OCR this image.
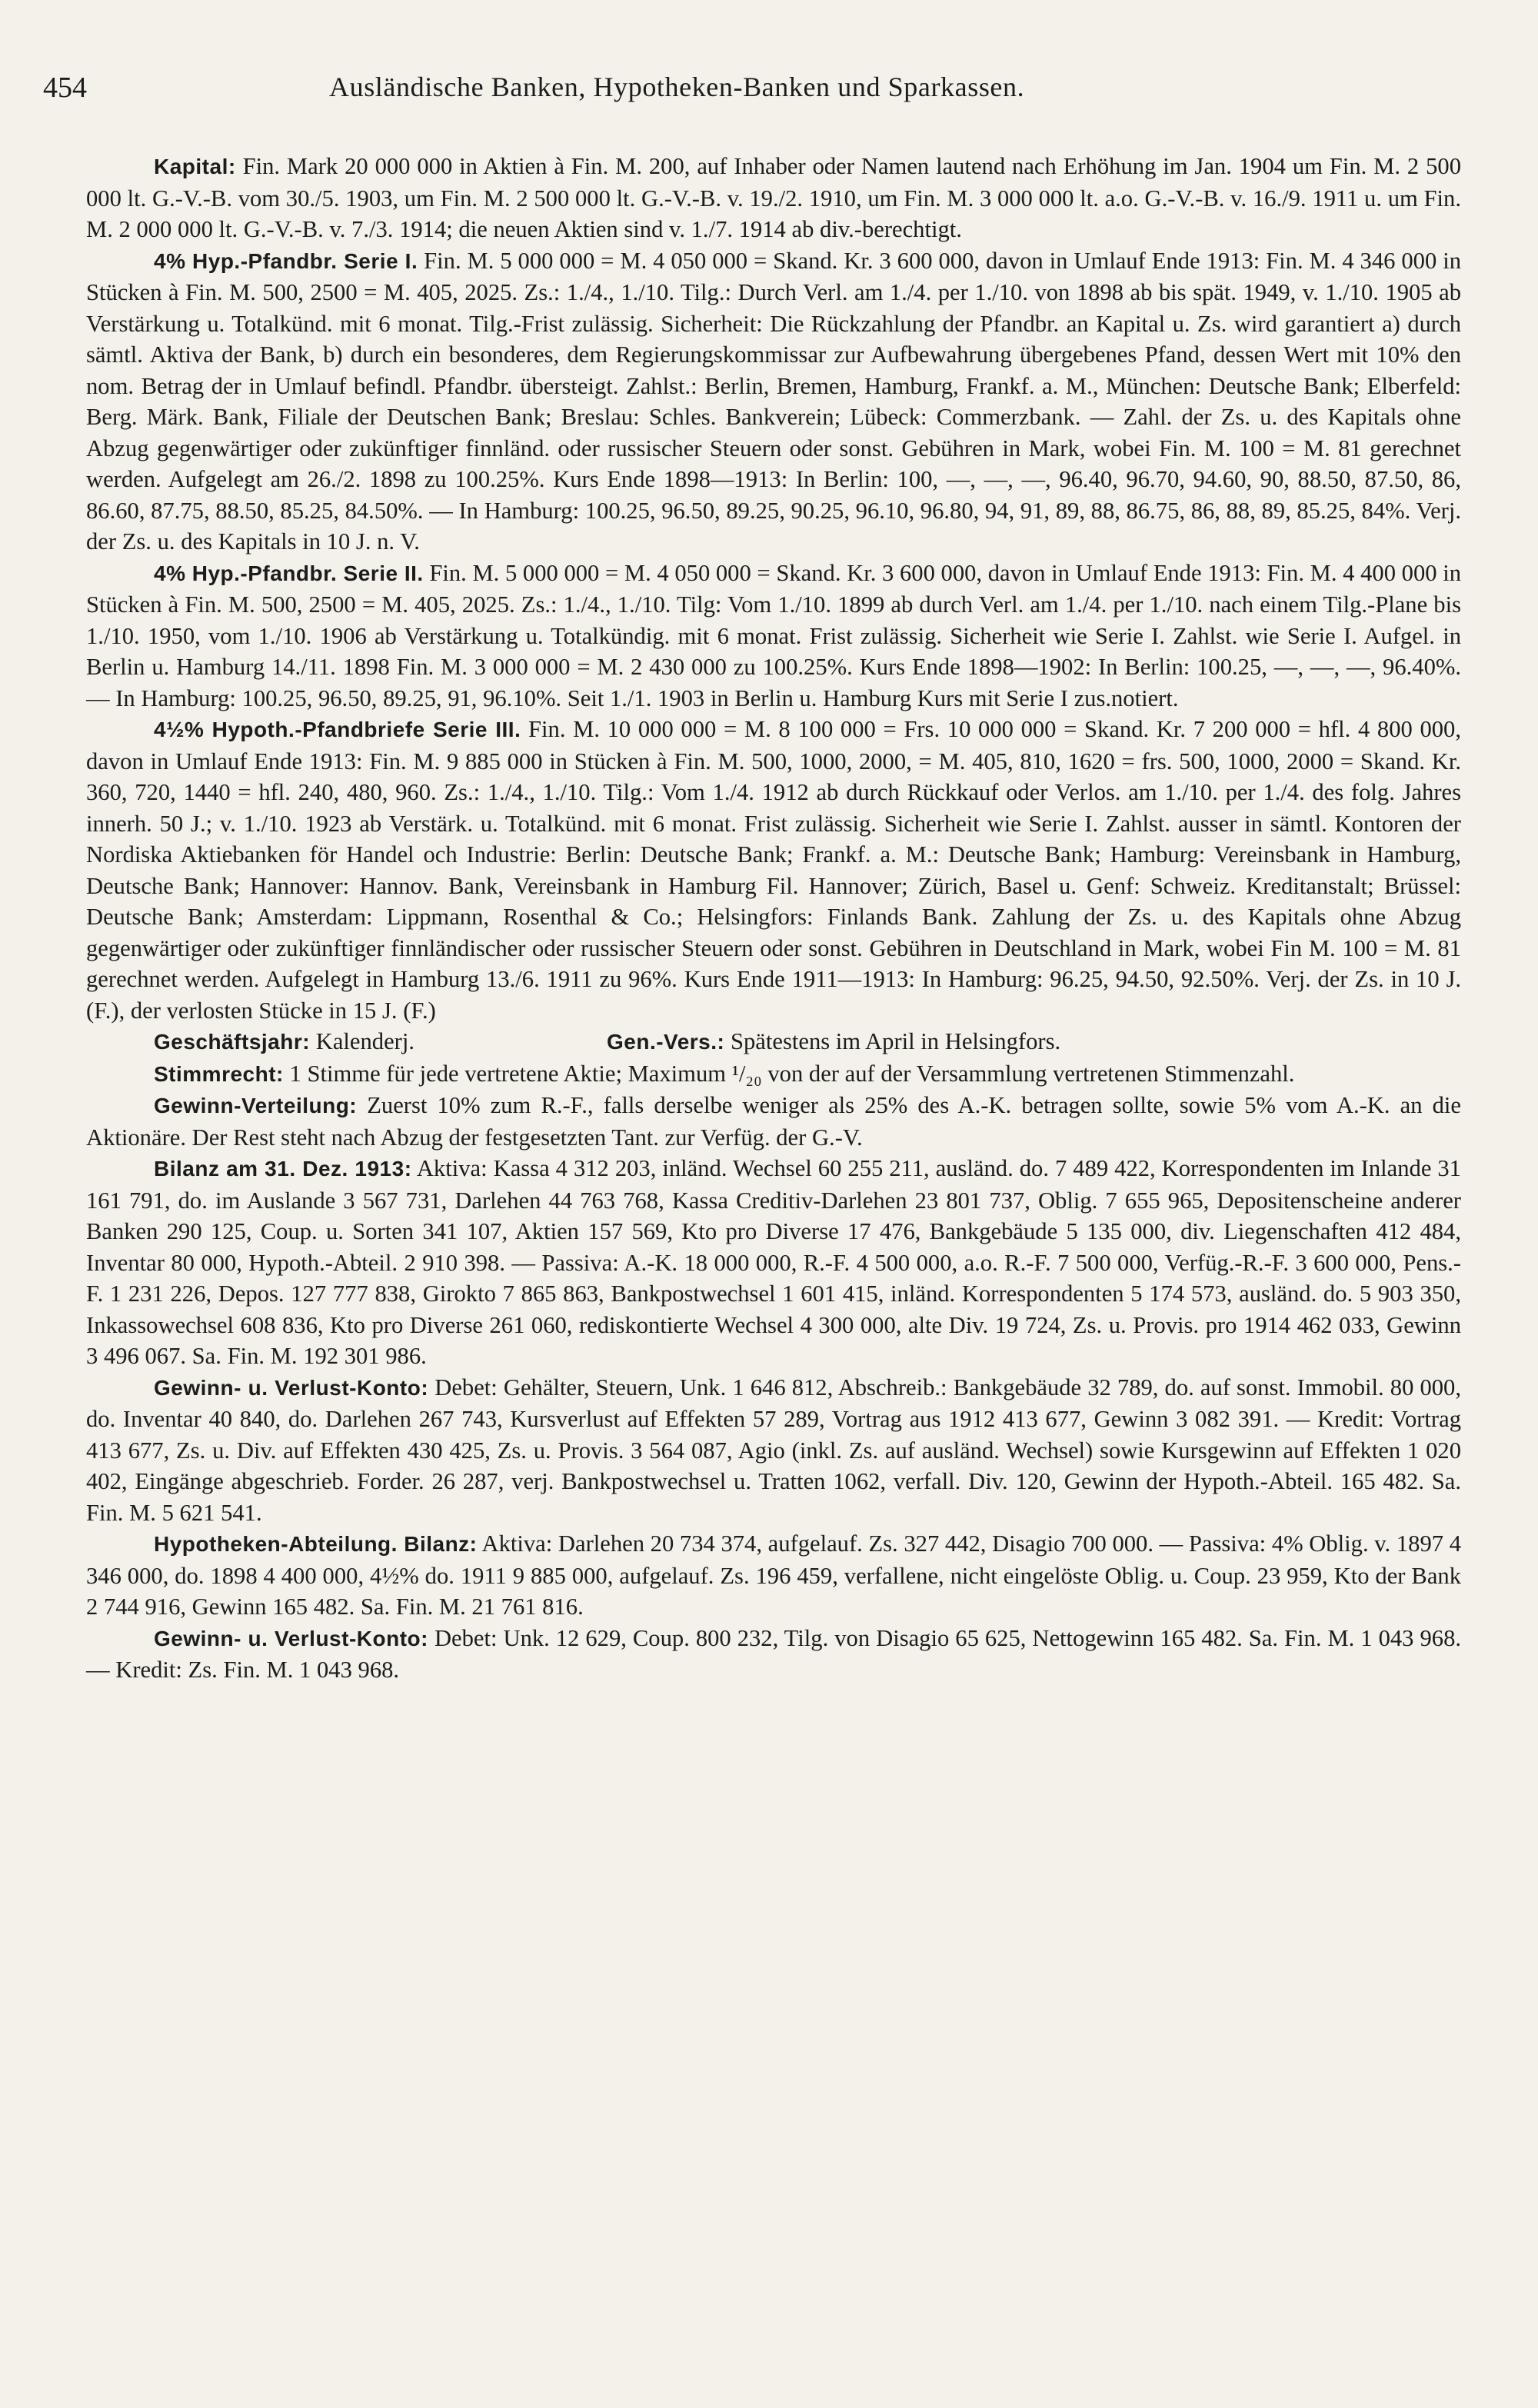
454	Ausländische Banken, Hypotheken-Banken und Sparkassen.

Kapital: Fin. Mark 20 000 000 in Aktien à Fin. M. 200, auf Inhaber oder Namen lautend nach Erhöhung im Jan. 1904 um Fin. M. 2 500 000 lt. G.-V.-B. vom 30./5. 1903, um Fin. M. 2 500 000 lt. G.-V.-B. v. 19./2. 1910, um Fin. M. 3 000 000 lt. a.o. G.-V.-B. v. 16./9. 1911 u. um Fin. M. 2 000 000 lt. G.-V.-B. v. 7./3. 1914; die neuen Aktien sind v. 1./7. 1914 ab div.-berechtigt.

4% Hyp.-Pfandbr. Serie I. Fin. M. 5 000 000 = M. 4 050 000 = Skand. Kr. 3 600 000, davon in Umlauf Ende 1913: Fin. M. 4 346 000 in Stücken à Fin. M. 500, 2500 = M. 405, 2025. Zs.: 1./4., 1./10. Tilg.: Durch Verl. am 1./4. per 1./10. von 1898 ab bis spät. 1949, v. 1./10. 1905 ab Verstärkung u. Totalkünd. mit 6 monat. Tilg.-Frist zulässig. Sicherheit: Die Rückzahlung der Pfandbr. an Kapital u. Zs. wird garantiert a) durch sämtl. Aktiva der Bank, b) durch ein besonderes, dem Regierungskommissar zur Aufbewahrung übergebenes Pfand, dessen Wert mit 10% den nom. Betrag der in Umlauf befindl. Pfandbr. übersteigt. Zahlst.: Berlin, Bremen, Hamburg, Frankf. a. M., München: Deutsche Bank; Elberfeld: Berg. Märk. Bank, Filiale der Deutschen Bank; Breslau: Schles. Bankverein; Lübeck: Commerzbank. — Zahl. der Zs. u. des Kapitals ohne Abzug gegenwärtiger oder zukünftiger finnländ. oder russischer Steuern oder sonst. Gebühren in Mark, wobei Fin. M. 100 = M. 81 gerechnet werden. Aufgelegt am 26./2. 1898 zu 100.25%. Kurs Ende 1898—1913: In Berlin: 100, —, —, —, 96.40, 96.70, 94.60, 90, 88.50, 87.50, 86, 86.60, 87.75, 88.50, 85.25, 84.50%. — In Hamburg: 100.25, 96.50, 89.25, 90.25, 96.10, 96.80, 94, 91, 89, 88, 86.75, 86, 88, 89, 85.25, 84%. Verj. der Zs. u. des Kapitals in 10 J. n. V.

4% Hyp.-Pfandbr. Serie II. Fin. M. 5 000 000 = M. 4 050 000 = Skand. Kr. 3 600 000, davon in Umlauf Ende 1913: Fin. M. 4 400 000 in Stücken à Fin. M. 500, 2500 = M. 405, 2025. Zs.: 1./4., 1./10. Tilg: Vom 1./10. 1899 ab durch Verl. am 1./4. per 1./10. nach einem Tilg.-Plane bis 1./10. 1950, vom 1./10. 1906 ab Verstärkung u. Totalkündig. mit 6 monat. Frist zulässig. Sicherheit wie Serie I. Zahlst. wie Serie I. Aufgel. in Berlin u. Hamburg 14./11. 1898 Fin. M. 3 000 000 = M. 2 430 000 zu 100.25%. Kurs Ende 1898—1902: In Berlin: 100.25, —, —, —, 96.40%. — In Hamburg: 100.25, 96.50, 89.25, 91, 96.10%. Seit 1./1. 1903 in Berlin u. Hamburg Kurs mit Serie I zus.notiert.

4½% Hypoth.-Pfandbriefe Serie III. Fin. M. 10 000 000 = M. 8 100 000 = Frs. 10 000 000 = Skand. Kr. 7 200 000 = hfl. 4 800 000, davon in Umlauf Ende 1913: Fin. M. 9 885 000 in Stücken à Fin. M. 500, 1000, 2000, = M. 405, 810, 1620 = frs. 500, 1000, 2000 = Skand. Kr. 360, 720, 1440 = hfl. 240, 480, 960. Zs.: 1./4., 1./10. Tilg.: Vom 1./4. 1912 ab durch Rückkauf oder Verlos. am 1./10. per 1./4. des folg. Jahres innerh. 50 J.; v. 1./10. 1923 ab Verstärk. u. Totalkünd. mit 6 monat. Frist zulässig. Sicherheit wie Serie I. Zahlst. ausser in sämtl. Kontoren der Nordiska Aktiebanken för Handel och Industrie: Berlin: Deutsche Bank; Frankf. a. M.: Deutsche Bank; Hamburg: Vereinsbank in Hamburg, Deutsche Bank; Hannover: Hannov. Bank, Vereinsbank in Hamburg Fil. Hannover; Zürich, Basel u. Genf: Schweiz. Kreditanstalt; Brüssel: Deutsche Bank; Amsterdam: Lippmann, Rosenthal & Co.; Helsingfors: Finlands Bank. Zahlung der Zs. u. des Kapitals ohne Abzug gegenwärtiger oder zukünftiger finnländischer oder russischer Steuern oder sonst. Gebühren in Deutschland in Mark, wobei Fin M. 100 = M. 81 gerechnet werden. Aufgelegt in Hamburg 13./6. 1911 zu 96%. Kurs Ende 1911—1913: In Hamburg: 96.25, 94.50, 92.50%. Verj. der Zs. in 10 J. (F.), der verlosten Stücke in 15 J. (F.)

Geschäftsjahr: Kalenderj.	Gen.-Vers.: Spätestens im April in Helsingfors.

Stimmrecht: 1 Stimme für jede vertretene Aktie; Maximum ¹/₂₀ von der auf der Versammlung vertretenen Stimmenzahl.

Gewinn-Verteilung: Zuerst 10% zum R.-F., falls derselbe weniger als 25% des A.-K. betragen sollte, sowie 5% vom A.-K. an die Aktionäre. Der Rest steht nach Abzug der festgesetzten Tant. zur Verfüg. der G.-V.

Bilanz am 31. Dez. 1913: Aktiva: Kassa 4 312 203, inländ. Wechsel 60 255 211, ausländ. do. 7 489 422, Korrespondenten im Inlande 31 161 791, do. im Auslande 3 567 731, Darlehen 44 763 768, Kassa Creditiv-Darlehen 23 801 737, Oblig. 7 655 965, Depositenscheine anderer Banken 290 125, Coup. u. Sorten 341 107, Aktien 157 569, Kto pro Diverse 17 476, Bankgebäude 5 135 000, div. Liegenschaften 412 484, Inventar 80 000, Hypoth.-Abteil. 2 910 398. — Passiva: A.-K. 18 000 000, R.-F. 4 500 000, a.o. R.-F. 7 500 000, Verfüg.-R.-F. 3 600 000, Pens.-F. 1 231 226, Depos. 127 777 838, Girokto 7 865 863, Bankpostwechsel 1 601 415, inländ. Korrespondenten 5 174 573, ausländ. do. 5 903 350, Inkassowechsel 608 836, Kto pro Diverse 261 060, rediskontierte Wechsel 4 300 000, alte Div. 19 724, Zs. u. Provis. pro 1914 462 033, Gewinn 3 496 067. Sa. Fin. M. 192 301 986.

Gewinn- u. Verlust-Konto: Debet: Gehälter, Steuern, Unk. 1 646 812, Abschreib.: Bankgebäude 32 789, do. auf sonst. Immobil. 80 000, do. Inventar 40 840, do. Darlehen 267 743, Kursverlust auf Effekten 57 289, Vortrag aus 1912 413 677, Gewinn 3 082 391. — Kredit: Vortrag 413 677, Zs. u. Div. auf Effekten 430 425, Zs. u. Provis. 3 564 087, Agio (inkl. Zs. auf ausländ. Wechsel) sowie Kursgewinn auf Effekten 1 020 402, Eingänge abgeschrieb. Forder. 26 287, verj. Bankpostwechsel u. Tratten 1062, verfall. Div. 120, Gewinn der Hypoth.-Abteil. 165 482. Sa. Fin. M. 5 621 541.

Hypotheken-Abteilung. Bilanz: Aktiva: Darlehen 20 734 374, aufgelauf. Zs. 327 442, Disagio 700 000. — Passiva: 4% Oblig. v. 1897 4 346 000, do. 1898 4 400 000, 4½% do. 1911 9 885 000, aufgelauf. Zs. 196 459, verfallene, nicht eingelöste Oblig. u. Coup. 23 959, Kto der Bank 2 744 916, Gewinn 165 482. Sa. Fin. M. 21 761 816.

Gewinn- u. Verlust-Konto: Debet: Unk. 12 629, Coup. 800 232, Tilg. von Disagio 65 625, Nettogewinn 165 482. Sa. Fin. M. 1 043 968. — Kredit: Zs. Fin. M. 1 043 968.
